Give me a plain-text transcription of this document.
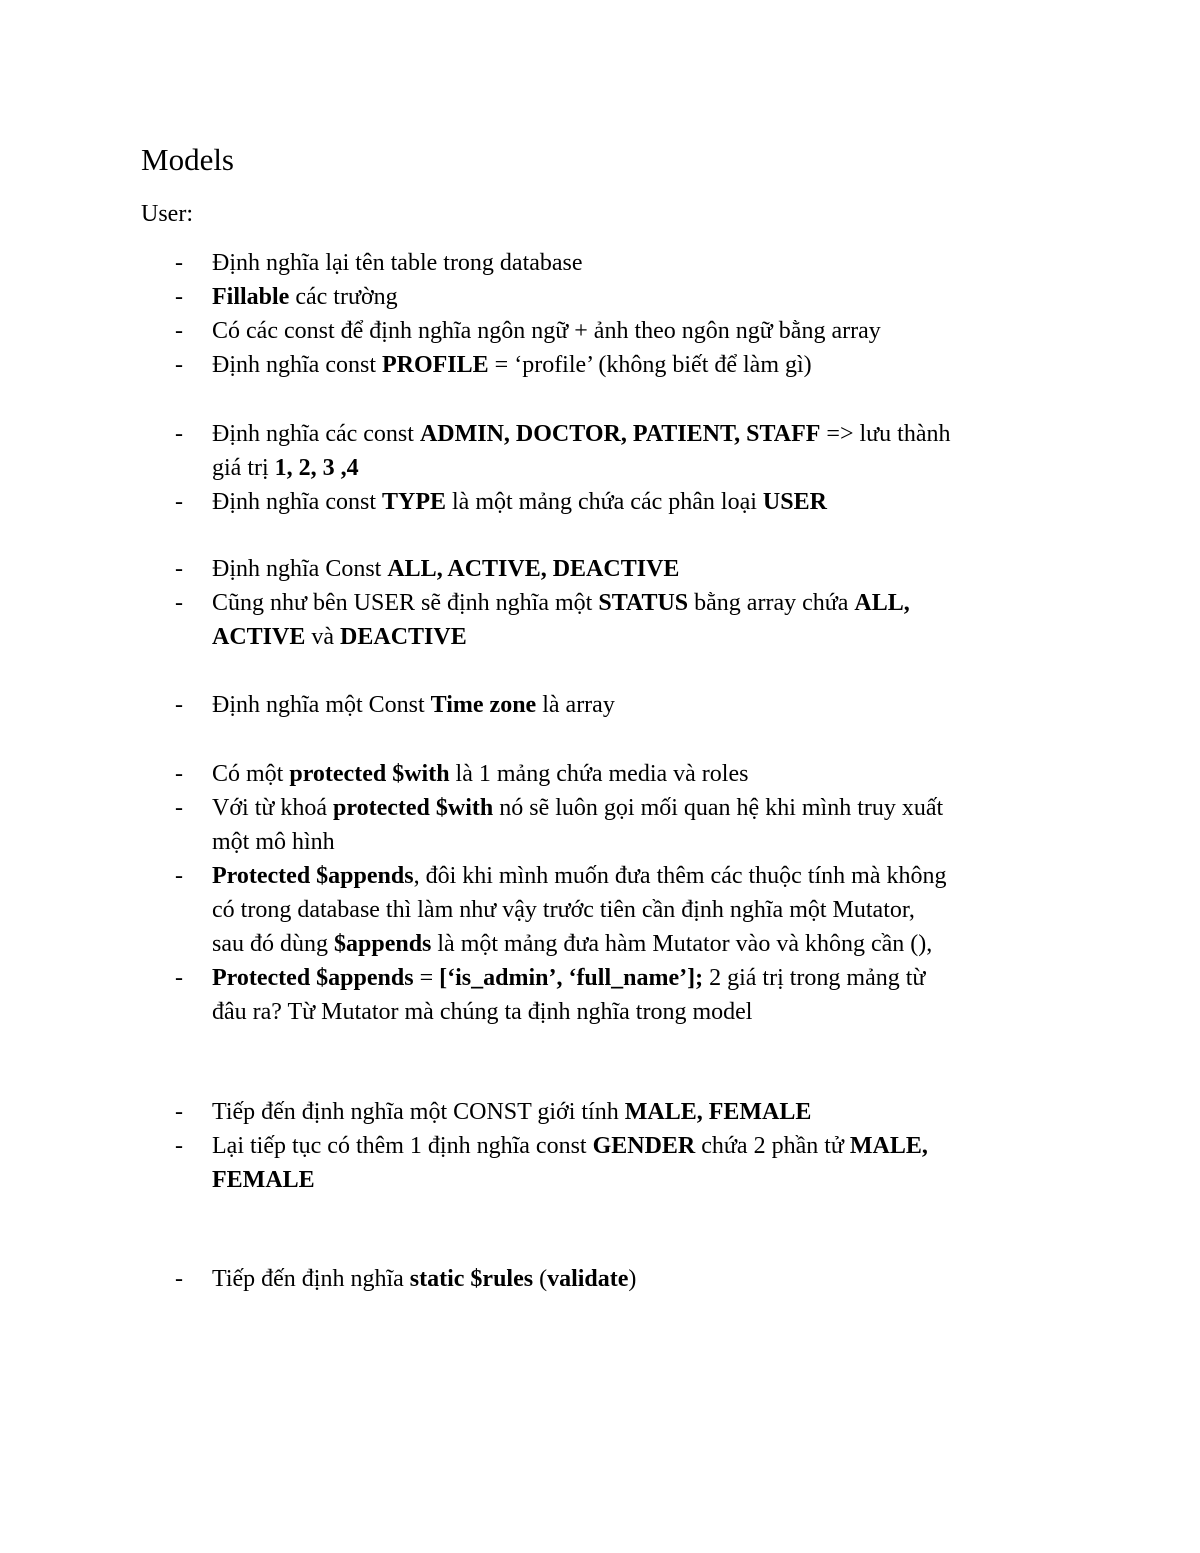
Models

User:

- Định nghĩa lại tên table trong database
- Fillable các trường
- Có các const để định nghĩa ngôn ngữ + ảnh theo ngôn ngữ bằng array
- Định nghĩa const PROFILE = ‘profile’ (không biết để làm gì)
- Định nghĩa các const ADMIN, DOCTOR, PATIENT, STAFF => lưu thành
giá trị 1, 2, 3 ,4
- Định nghĩa const TYPE là một mảng chứa các phân loại USER
- Định nghĩa Const ALL, ACTIVE, DEACTIVE
- Cũng như bên USER sẽ định nghĩa một STATUS bằng array chứa ALL,
ACTIVE và DEACTIVE
- Định nghĩa một Const Time zone là array
- Có một protected $with là 1 mảng chứa media và roles
- Với từ khoá protected $with nó sẽ luôn gọi mối quan hệ khi mình truy xuất
một mô hình
- Protected $appends, đôi khi mình muốn đưa thêm các thuộc tính mà không
có trong database thì làm như vậy trước tiên cần định nghĩa một Mutator,
sau đó dùng $appends là một mảng đưa hàm Mutator vào và không cần (),
- Protected $appends = [‘is_admin’, ‘full_name’]; 2 giá trị trong mảng từ
đâu ra? Từ Mutator mà chúng ta định nghĩa trong model
- Tiếp đến định nghĩa một CONST giới tính MALE, FEMALE
- Lại tiếp tục có thêm 1 định nghĩa const GENDER chứa 2 phần tử MALE,
FEMALE
- Tiếp đến định nghĩa static $rules (validate)
